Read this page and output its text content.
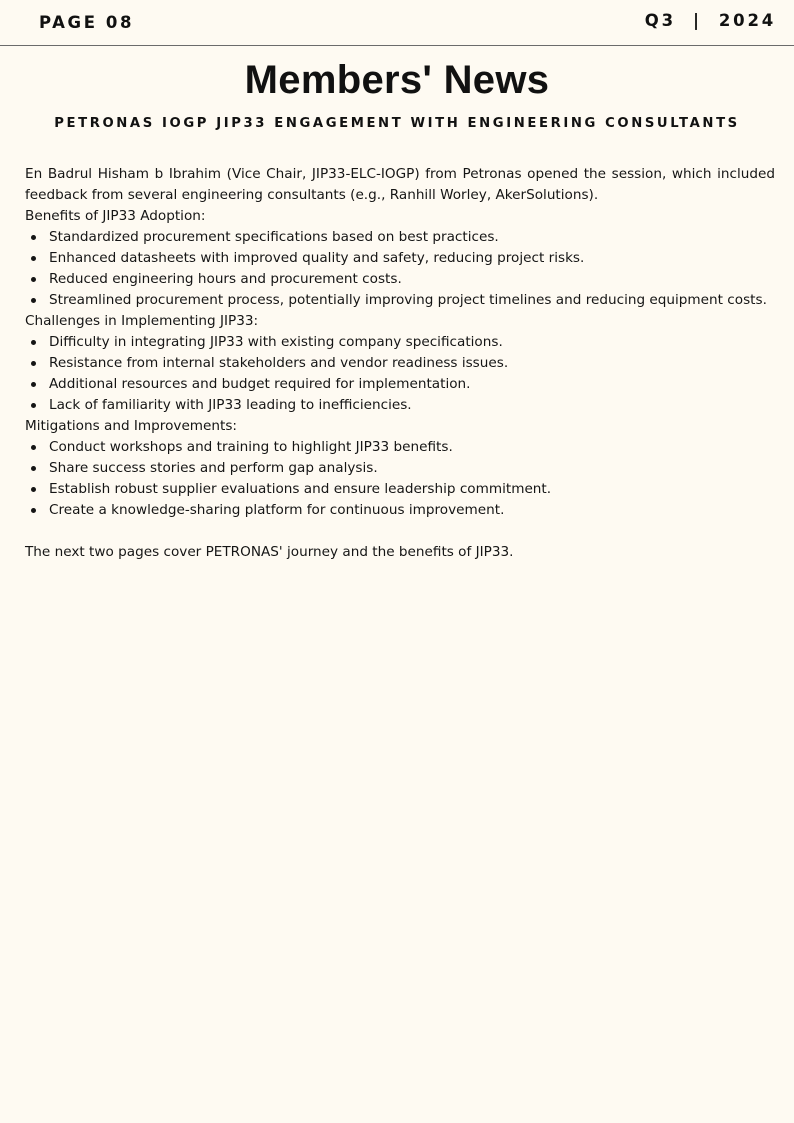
PAGE 08	Q3  |  2024
Members' News
PETRONAS IOGP JIP33 ENGAGEMENT WITH ENGINEERING CONSULTANTS

En Badrul Hisham b Ibrahim (Vice Chair, JIP33-ELC-IOGP) from Petronas opened the session, which included feedback from several engineering consultants (e.g., Ranhill Worley, AkerSolutions).

Benefits of JIP33 Adoption:

Standardized procurement specifications based on best practices.
Enhanced datasheets with improved quality and safety, reducing project risks.
Reduced engineering hours and procurement costs.
Streamlined procurement process, potentially improving project timelines and reducing equipment costs.

Challenges in Implementing JIP33:

Difficulty in integrating JIP33 with existing company specifications.
Resistance from internal stakeholders and vendor readiness issues.
Additional resources and budget required for implementation.
Lack of familiarity with JIP33 leading to inefficiencies.

Mitigations and Improvements:

Conduct workshops and training to highlight JIP33 benefits.
Share success stories and perform gap analysis.
Establish robust supplier evaluations and ensure leadership commitment.
Create a knowledge-sharing platform for continuous improvement.

The next two pages cover PETRONAS' journey and the benefits of JIP33.
